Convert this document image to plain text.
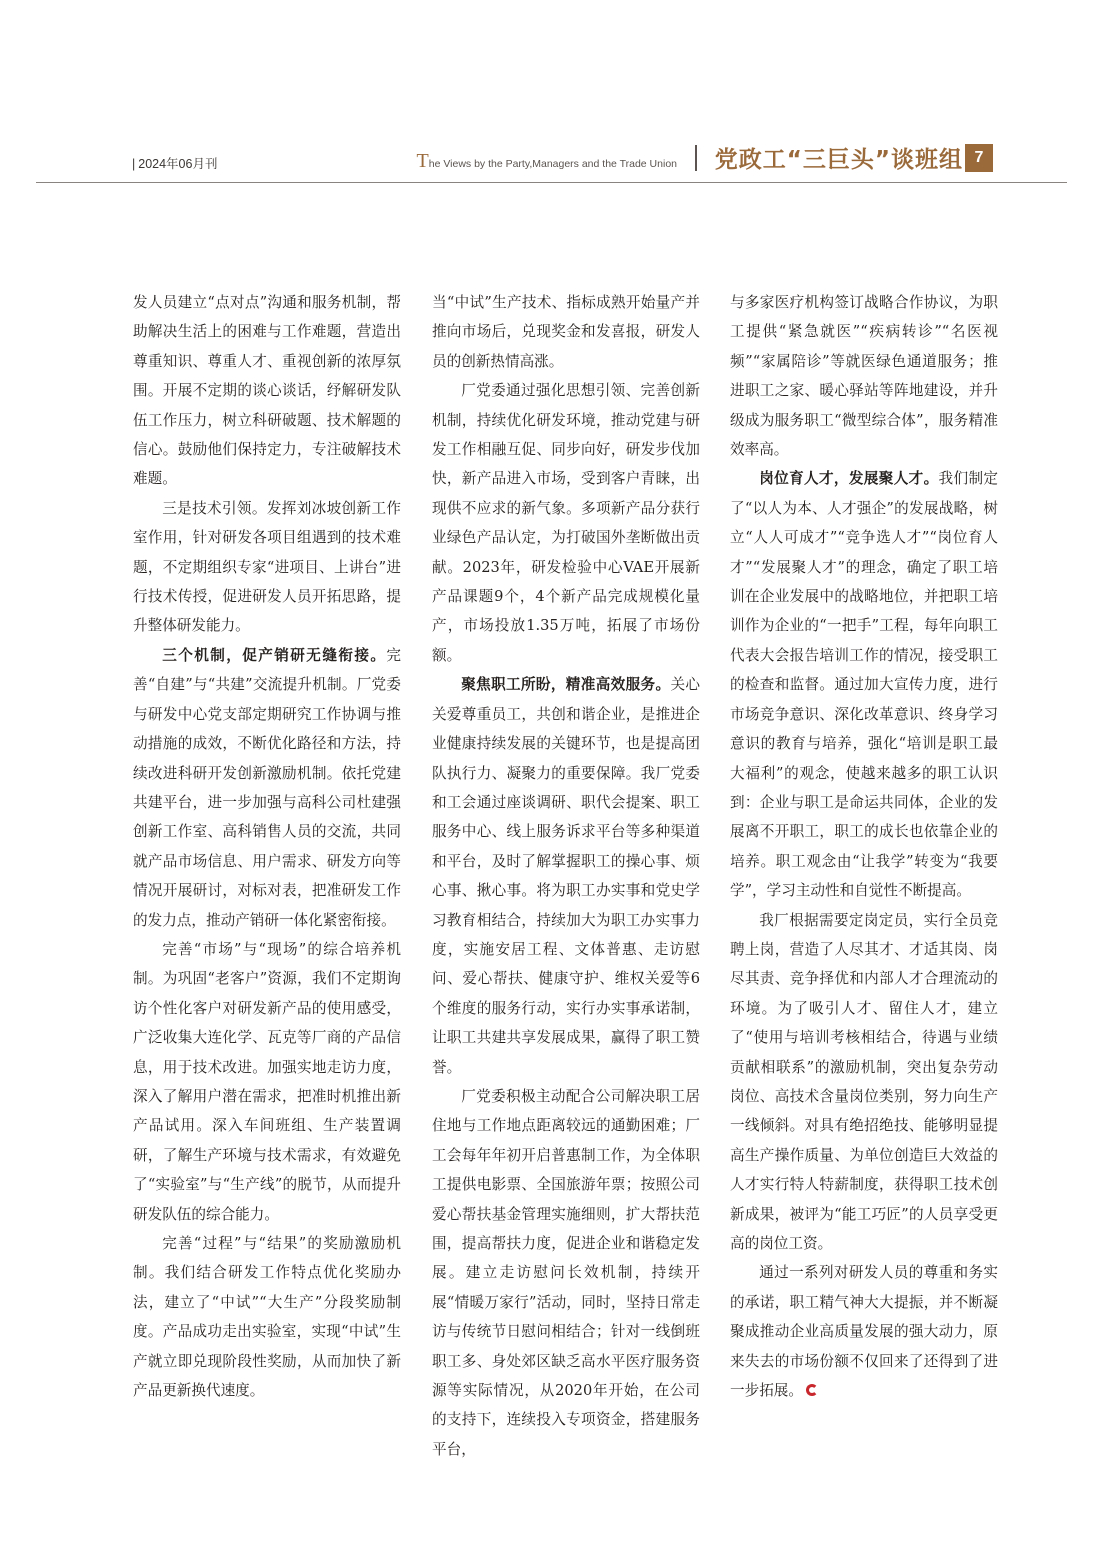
| 2024年06月刊	The Views by the Party,Managers and the Trade Union 党政工“三巨头”谈班组 7

发人员建立“点对点”沟通和服务机制，帮助解决生活上的困难与工作难题，营造出尊重知识、尊重人才、重视创新的浓厚氛围。开展不定期的谈心谈话，纾解研发队伍工作压力，树立科研破题、技术解题的信心。鼓励他们保持定力，专注破解技术难题。

三是技术引领。发挥刘冰坡创新工作室作用，针对研发各项目组遇到的技术难题，不定期组织专家“进项目、上讲台”进行技术传授，促进研发人员开拓思路，提升整体研发能力。

三个机制，促产销研无缝衔接。完善“自建”与“共建”交流提升机制。厂党委与研发中心党支部定期研究工作协调与推动措施的成效，不断优化路径和方法，持续改进科研开发创新激励机制。依托党建共建平台，进一步加强与高科公司杜建强创新工作室、高科销售人员的交流，共同就产品市场信息、用户需求、研发方向等情况开展研讨，对标对表，把准研发工作的发力点，推动产销研一体化紧密衔接。

完善“市场”与“现场”的综合培养机制。为巩固“老客户”资源，我们不定期询访个性化客户对研发新产品的使用感受，广泛收集大连化学、瓦克等厂商的产品信息，用于技术改进。加强实地走访力度，深入了解用户潜在需求，把准时机推出新产品试用。深入车间班组、生产装置调研，了解生产环境与技术需求，有效避免了“实验室”与“生产线”的脱节，从而提升研发队伍的综合能力。

完善“过程”与“结果”的奖励激励机制。我们结合研发工作特点优化奖励办法，建立了“中试”“大生产”分段奖励制度。产品成功走出实验室，实现“中试”生产就立即兑现阶段性奖励，从而加快了新产品更新换代速度。

当“中试”生产技术、指标成熟开始量产并推向市场后，兑现奖金和发喜报，研发人员的创新热情高涨。

厂党委通过强化思想引领、完善创新机制，持续优化研发环境，推动党建与研发工作相融互促、同步向好，研发步伐加快，新产品进入市场，受到客户青睐，出现供不应求的新气象。多项新产品分获行业绿色产品认定，为打破国外垄断做出贡献。2023年，研发检验中心VAE开展新产品课题9个，4个新产品完成规模化量产，市场投放1.35万吨，拓展了市场份额。

聚焦职工所盼，精准高效服务。关心关爱尊重员工，共创和谐企业，是推进企业健康持续发展的关键环节，也是提高团队执行力、凝聚力的重要保障。我厂党委和工会通过座谈调研、职代会提案、职工服务中心、线上服务诉求平台等多种渠道和平台，及时了解掌握职工的操心事、烦心事、揪心事。将为职工办实事和党史学习教育相结合，持续加大为职工办实事力度，实施安居工程、文体普惠、走访慰问、爱心帮扶、健康守护、维权关爱等6个维度的服务行动，实行办实事承诺制，让职工共建共享发展成果，赢得了职工赞誉。

厂党委积极主动配合公司解决职工居住地与工作地点距离较远的通勤困难；厂工会每年年初开启普惠制工作，为全体职工提供电影票、全国旅游年票；按照公司爱心帮扶基金管理实施细则，扩大帮扶范围，提高帮扶力度，促进企业和谐稳定发展。建立走访慰问长效机制，持续开展“情暖万家行”活动，同时，坚持日常走访与传统节日慰问相结合；针对一线倒班职工多、身处郊区缺乏高水平医疗服务资源等实际情况，从2020年开始，在公司的支持下，连续投入专项资金，搭建服务平台，

与多家医疗机构签订战略合作协议，为职工提供“紧急就医”“疾病转诊”“名医视频”“家属陪诊”等就医绿色通道服务；推进职工之家、暖心驿站等阵地建设，并升级成为服务职工“微型综合体”，服务精准效率高。

岗位育人才，发展聚人才。我们制定了“以人为本、人才强企”的发展战略，树立“人人可成才”“竞争选人才”“岗位育人才”“发展聚人才”的理念，确定了职工培训在企业发展中的战略地位，并把职工培训作为企业的“一把手”工程，每年向职工代表大会报告培训工作的情况，接受职工的检查和监督。通过加大宣传力度，进行市场竞争意识、深化改革意识、终身学习意识的教育与培养，强化“培训是职工最大福利”的观念，使越来越多的职工认识到：企业与职工是命运共同体，企业的发展离不开职工，职工的成长也依靠企业的培养。职工观念由“让我学”转变为“我要学”，学习主动性和自觉性不断提高。

我厂根据需要定岗定员，实行全员竞聘上岗，营造了人尽其才、才适其岗、岗尽其责、竞争择优和内部人才合理流动的环境。为了吸引人才、留住人才，建立了“使用与培训考核相结合，待遇与业绩贡献相联系”的激励机制，突出复杂劳动岗位、高技术含量岗位类别，努力向生产一线倾斜。对具有绝招绝技、能够明显提高生产操作质量、为单位创造巨大效益的人才实行特人特薪制度，获得职工技术创新成果，被评为“能工巧匠”的人员享受更高的岗位工资。

通过一系列对研发人员的尊重和务实的承诺，职工精气神大大提振，并不断凝聚成推动企业高质量发展的强大动力，原来失去的市场份额不仅回来了还得到了进一步拓展。
